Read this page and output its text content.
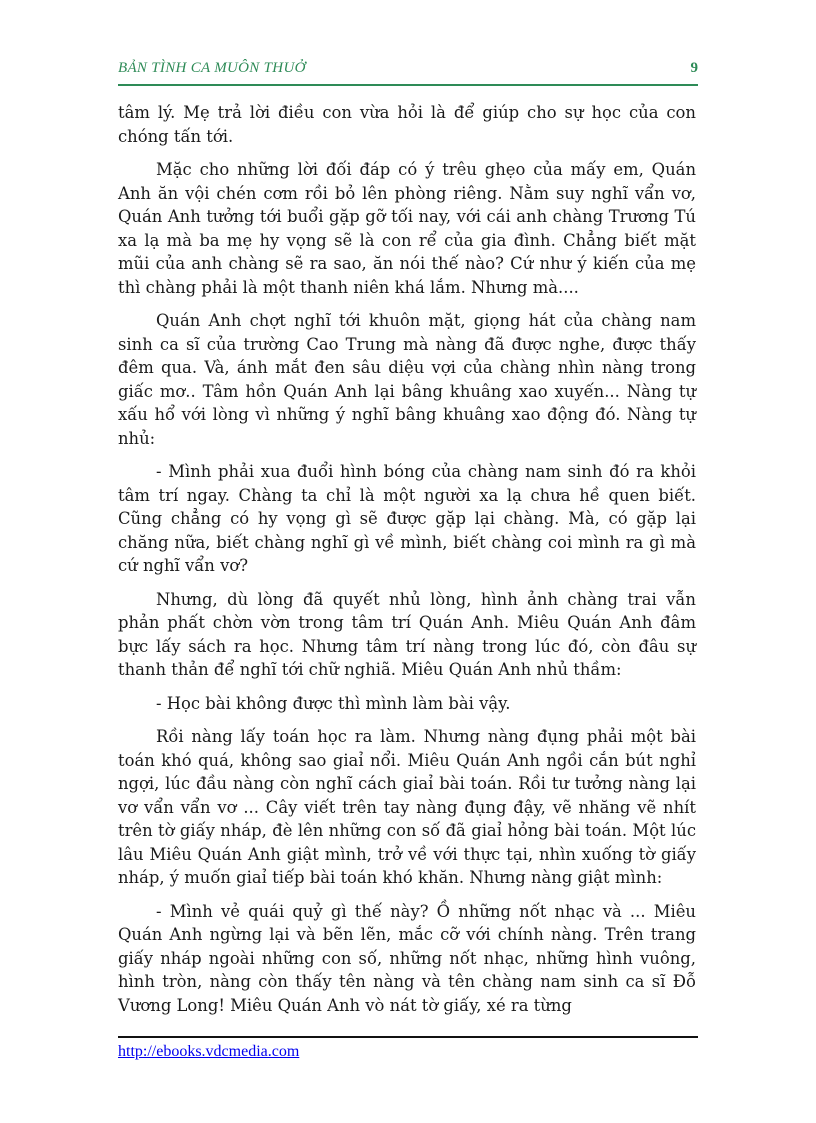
BẢN TÌNH CA MUÔN THUỞ	9

tâm lý. Mẹ trả lời điều con vừa hỏi là để giúp cho sự học của con chóng tấn tới.

Mặc cho những lời đối đáp có ý trêu ghẹo của mấy em, Quán Anh ăn vội chén cơm rồi bỏ lên phòng riêng. Nằm suy nghĩ vẩn vơ, Quán Anh tưởng tới buổi gặp gỡ tối nay, với cái anh chàng Trương Tú xa lạ mà ba mẹ hy vọng sẽ là con rể của gia đình. Chẳng biết mặt mũi của anh chàng sẽ ra sao, ăn nói thế nào? Cứ như ý kiến của mẹ thì chàng phải là một thanh niên khá lắm. Nhưng mà....

Quán Anh chợt nghĩ tới khuôn mặt, giọng hát của chàng nam sinh ca sĩ của trường Cao Trung mà nàng đã được nghe, được thấy đêm qua. Và, ánh mắt đen sâu diệu vợi của chàng nhìn nàng trong giấc mơ.. Tâm hồn Quán Anh lại bâng khuâng xao xuyến... Nàng tự xấu hổ với lòng vì những ý nghĩ bâng khuâng xao động đó. Nàng tự nhủ:

- Mình phải xua đuổi hình bóng của chàng nam sinh đó ra khỏi tâm trí ngay. Chàng ta chỉ là một người xa lạ chưa hề quen biết. Cũng chẳng có hy vọng gì sẽ được gặp lại chàng. Mà, có gặp lại chăng nữa, biết chàng nghĩ gì về mình, biết chàng coi mình ra gì mà cứ nghĩ vẩn vơ?

Nhưng, dù lòng đã quyết nhủ lòng, hình ảnh chàng trai vẫn phản phất chờn vờn trong tâm trí Quán Anh. Miêu Quán Anh đâm bực lấy sách ra học. Nhưng tâm trí nàng trong lúc đó, còn đâu sự thanh thản để nghĩ tới chữ nghiã. Miêu Quán Anh nhủ thầm:

- Học bài không được thì mình làm bài vậy.

Rồi nàng lấy toán học ra làm. Nhưng nàng đụng phải một bài toán khó quá, không sao giaỉ nổi. Miêu Quán Anh ngồi cắn bút nghỉ ngợi, lúc đầu nàng còn nghĩ cách giaỉ bài toán. Rồi tư tưởng nàng lại vơ vẩn vẩn vơ ... Cây viết trên tay nàng đụng đậy, vẽ nhăng vẽ nhít trên tờ giấy nháp, đè lên những con số đã giaỉ hỏng bài toán. Một lúc lâu Miêu Quán Anh giật mình, trở về với thực tại, nhìn xuống tờ giấy nháp, ý muốn giaỉ tiếp bài toán khó khăn. Nhưng nàng giật mình:

- Mình vẻ quái quỷ gì thế này? Ồ những nốt nhạc và ... Miêu Quán Anh ngừng lại và bẽn lẽn, mắc cỡ với chính nàng. Trên trang giấy nháp ngoài những con số, những nốt nhạc, những hình vuông, hình tròn, nàng còn thấy tên nàng và tên chàng nam sinh ca sĩ Đỗ Vương Long! Miêu Quán Anh vò nát tờ giấy, xé ra từng

http://ebooks.vdcmedia.com
